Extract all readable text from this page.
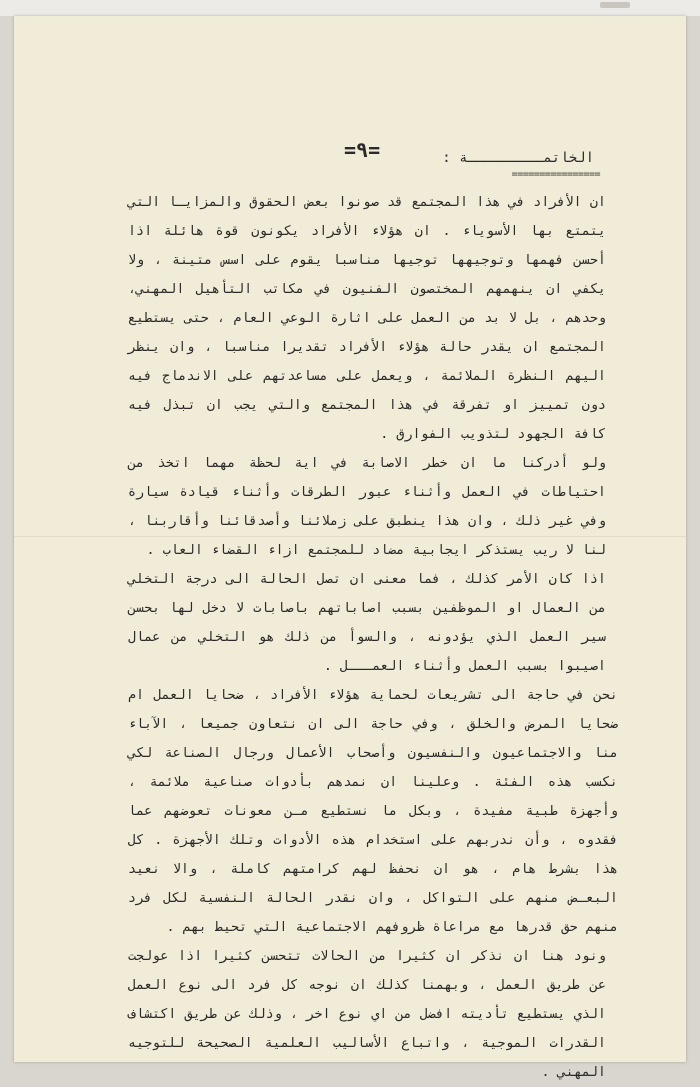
=٩=	الخاتمـــــــــة :
================

ان الأفراد في هذا المجتمع قد صونوا بعض الحقوق والمزايـا التي يتمتع بها الأسوياء . ان هؤلاء الأفراد يكونون قوة هائلة اذا أحسن فهمها وتوجيهها توجيها مناسبا يقوم على اسس متينة ، ولا يكفي ان ينهمهم المختصون الفنيون في مكاتب التأهيل المهني، وحدهم ، بل لا بد من العمل على اثارة الوعي العام ، حتى يستطيع المجتمع ان يقدر حالة هؤلاء الأفراد تقديرا مناسبا ، وان ينظر اليهم النظرة الملائمة ، ويعمل على مساعدتهم على الاندماج فيه دون تمييز او تفرقة في هذا المجتمع والتي يجب ان تبذل فيه كافة الجهود لتذويب الفوارق .

ولو أدركنا ما ان خطر الاصابة في اية لحظة مهما اتخذ من احتياطات في العمل وأثناء عبور الطرقات وأثناء قيادة سيارة وفي غير ذلك ، وان هذا ينطبق على زملائنا وأصدقائنا وأقاربنا ، لنا لا ريب يستذكر ايجابية مضاد للمجتمع ازاء القضاء العاب .

اذا كان الأمر كذلك ، فما معنى ان تصل الحالة الى درجة التخلي من العمال او الموظفين بسبب اصاباتهم باصابات لا دخل لها بحسن سير العمل الذي يؤدونه ، والسوأ من ذلك هو التخلي من عمال اصيبوا بسبب العمل وأثناء العمـــل .

نحن في حاجة الى تشريعات لحماية هؤلاء الأفراد ، ضحايا العمل ام ضحايا المرض والخلق ، وفي حاجة الى ان نتعاون جميعا ، الآباء منا والاجتماعيون والنفسيون وأصحاب الأعمال ورجال الصناعة لكي نكسب هذه الفئة . وعلينا ان نمدهم بأدوات صناعية ملائمة ، وأجهزة طبية مفيدة ، وبكل ما نستطيع مـن معونات تعوضهم عما فقدوه ، وأن ندربهم على استخدام هذه الأدوات وتلك الأجهزة . كل هذا بشرط هام ، هو ان نحفظ لهم كرامتهم كاملة ، والا نعيد البعـض منهم على التواكل ، وان نقدر الحالة النفسية لكل فرد منهم حق قدرها مع مراعاة ظروفهم الاجتماعية التي تحيط بهم .

ونود هنا ان نذكر ان كثيرا من الحالات تتحسن كثيرا اذا عولجت عن طريق العمل ، وبهمنا كذلك ان نوجه كل فرد الى نوع العمل الذي يستطيع تأديته افضل من اي نوع اخر ، وذلك عن طريق اكتشاف القدرات الموجية ، واتباع الأساليب العلمية الصحيحة للتوجيه المهني .
